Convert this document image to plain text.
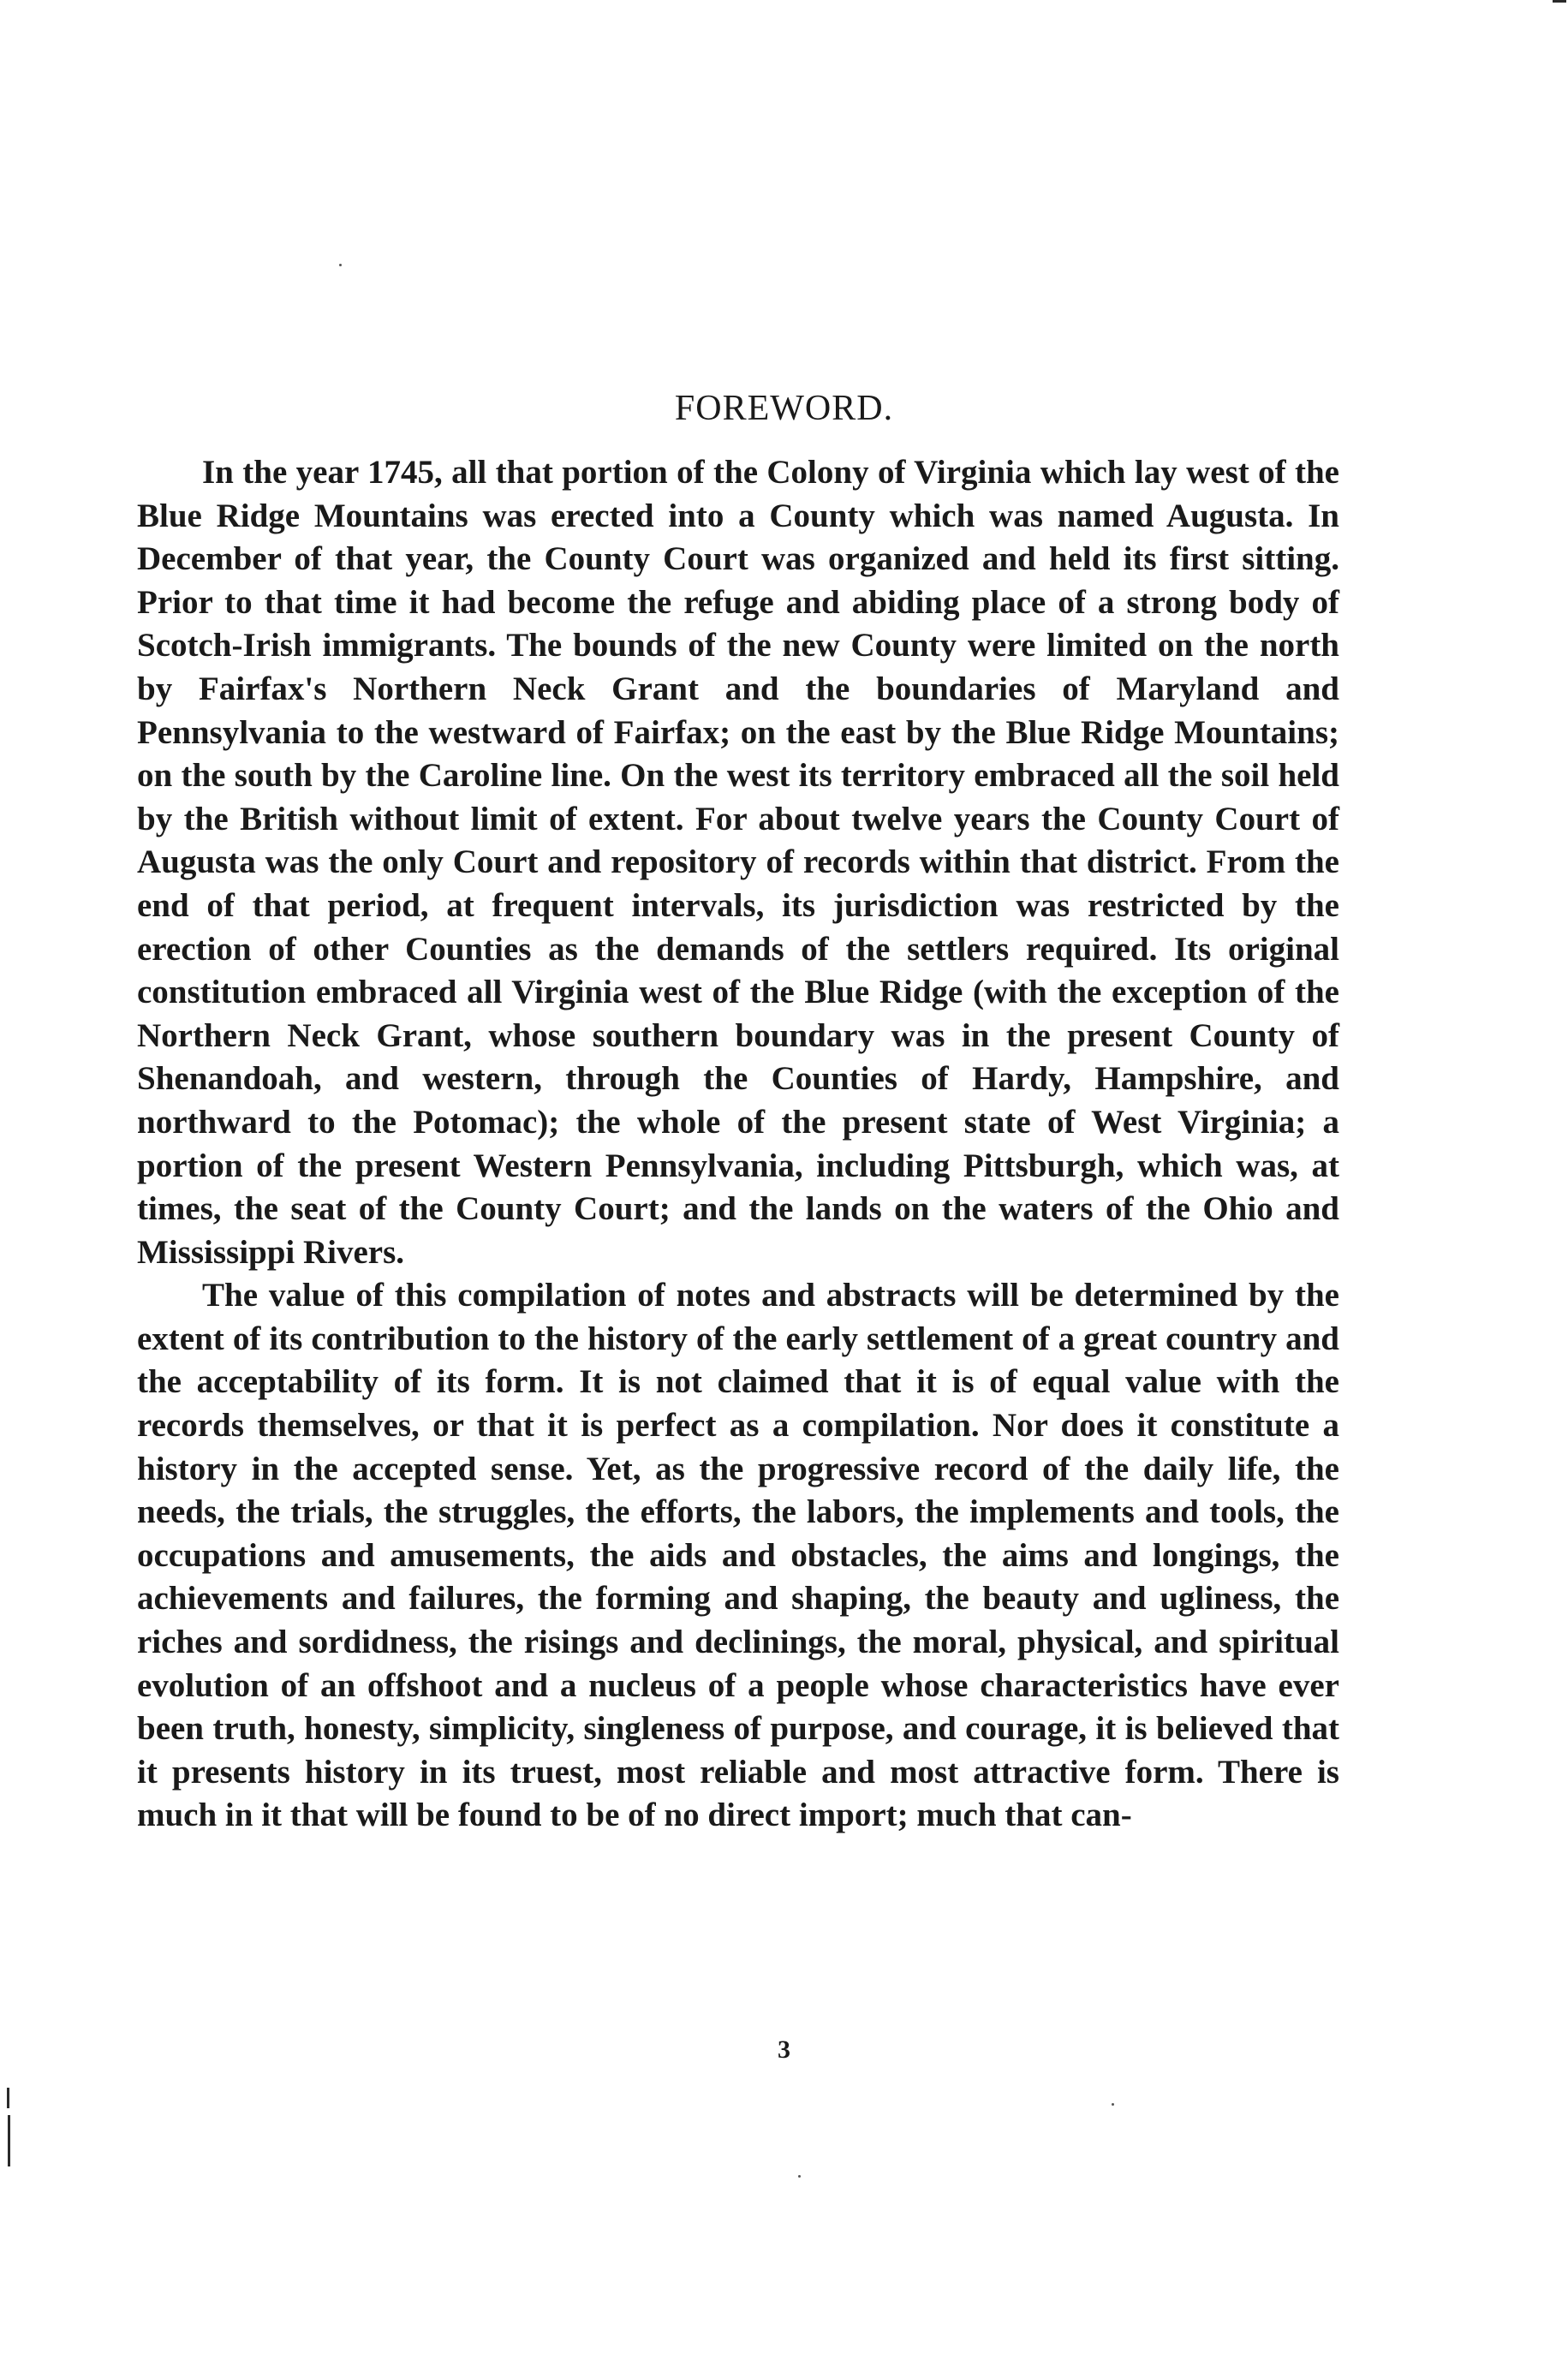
FOREWORD.

In the year 1745, all that portion of the Colony of Virginia which lay west of the Blue Ridge Mountains was erected into a County which was named Augusta. In December of that year, the County Court was organized and held its first sitting. Prior to that time it had become the refuge and abiding place of a strong body of Scotch-Irish immigrants. The bounds of the new County were limited on the north by Fairfax's Northern Neck Grant and the boundaries of Maryland and Pennsylvania to the westward of Fairfax; on the east by the Blue Ridge Mountains; on the south by the Caroline line. On the west its territory embraced all the soil held by the British without limit of extent. For about twelve years the County Court of Augusta was the only Court and repository of records within that district. From the end of that period, at frequent intervals, its jurisdiction was restricted by the erection of other Counties as the demands of the settlers required. Its original constitution embraced all Virginia west of the Blue Ridge (with the exception of the Northern Neck Grant, whose southern boundary was in the present County of Shenandoah, and western, through the Counties of Hardy, Hampshire, and northward to the Potomac); the whole of the present state of West Virginia; a portion of the present Western Pennsylvania, including Pittsburgh, which was, at times, the seat of the County Court; and the lands on the waters of the Ohio and Mississippi Rivers.

The value of this compilation of notes and abstracts will be determined by the extent of its contribution to the history of the early settlement of a great country and the acceptability of its form. It is not claimed that it is of equal value with the records themselves, or that it is perfect as a compilation. Nor does it constitute a history in the accepted sense. Yet, as the progressive record of the daily life, the needs, the trials, the struggles, the efforts, the labors, the implements and tools, the occupations and amusements, the aids and obstacles, the aims and longings, the achievements and failures, the forming and shaping, the beauty and ugliness, the riches and sordidness, the risings and declinings, the moral, physical, and spiritual evolution of an offshoot and a nucleus of a people whose characteristics have ever been truth, honesty, simplicity, singleness of purpose, and courage, it is believed that it presents history in its truest, most reliable and most attractive form. There is much in it that will be found to be of no direct import; much that can-

3
